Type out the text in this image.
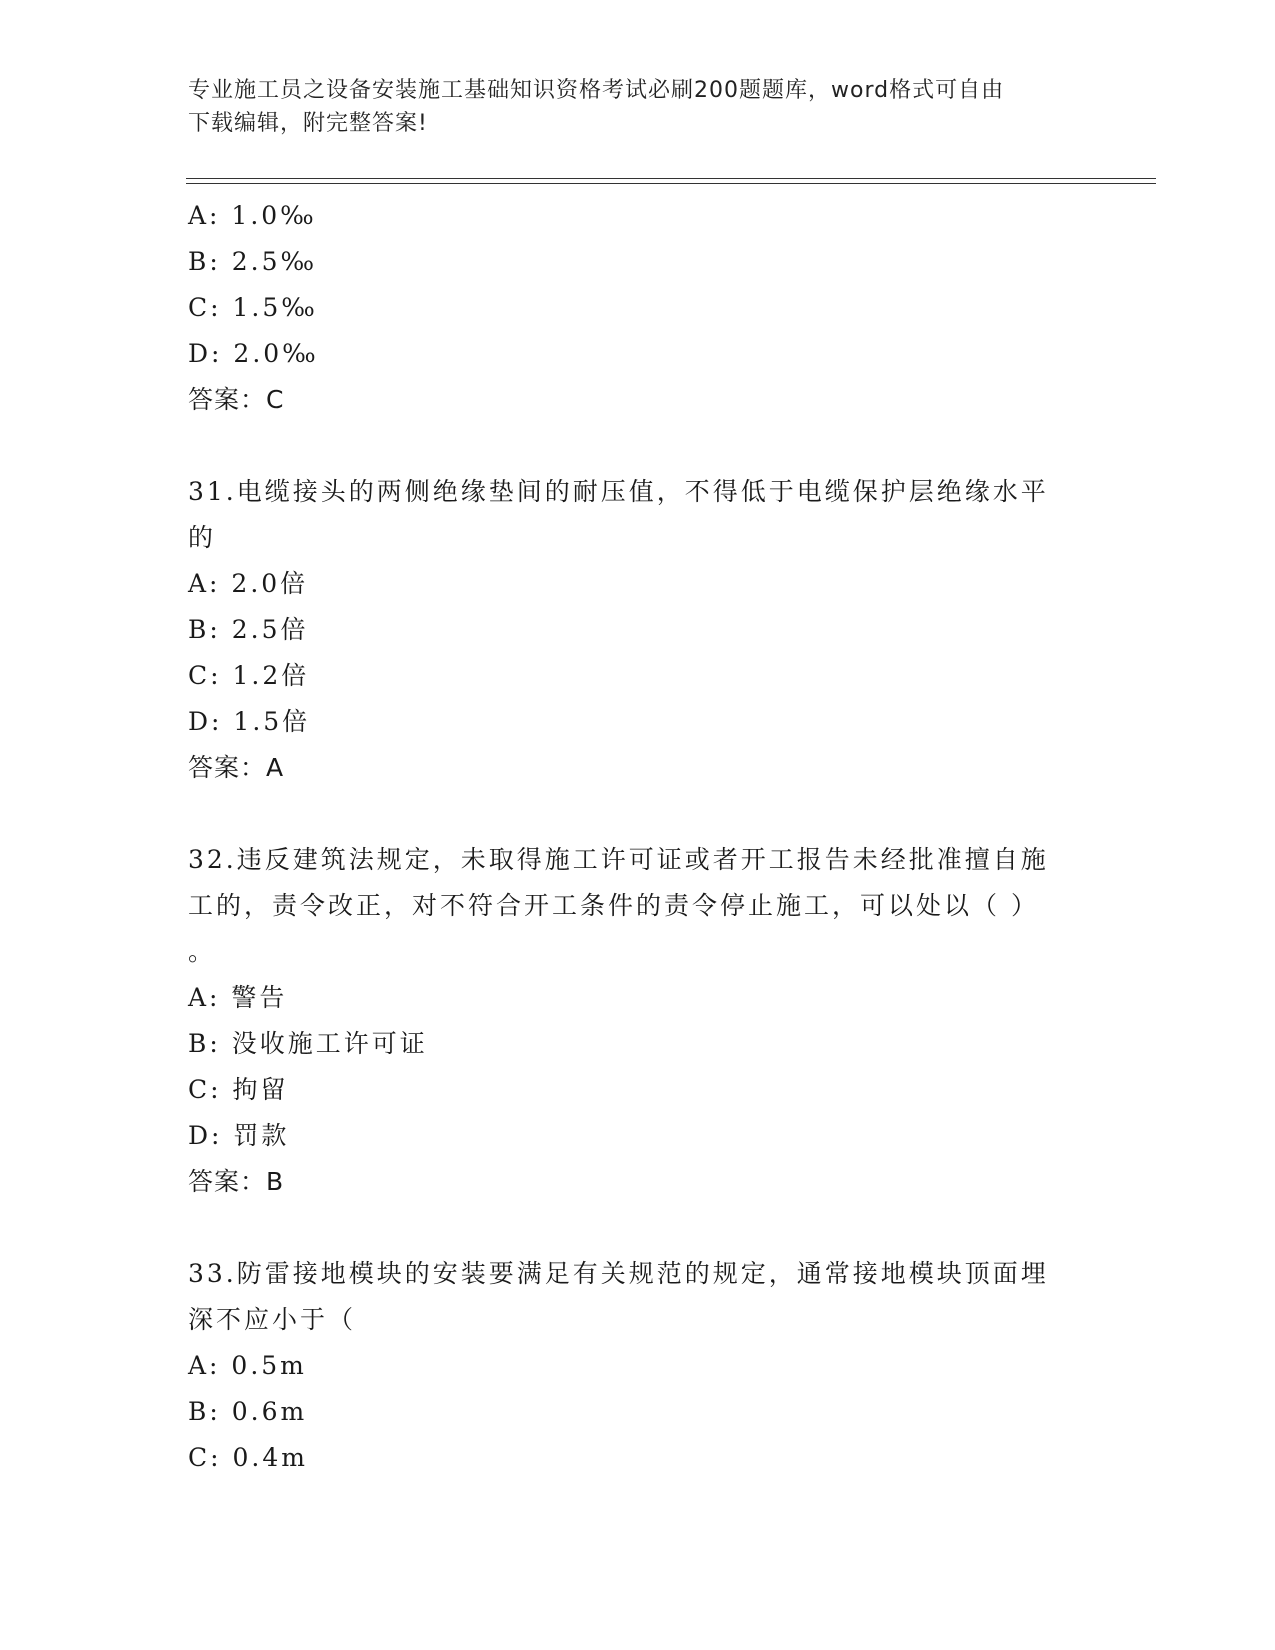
专业施工员之设备安装施工基础知识资格考试必刷200题题库，word格式可自由
下载编辑，附完整答案!
A: 1.0‰
B: 2.5‰
C: 1.5‰
D: 2.0‰
答案：C
31.电缆接头的两侧绝缘垫间的耐压值，不得低于电缆保护层绝缘水平
的
A: 2.0倍
B: 2.5倍
C: 1.2倍
D: 1.5倍
答案：A
32.违反建筑法规定，未取得施工许可证或者开工报告未经批准擅自施
工的，责令改正，对不符合开工条件的责令停止施工，可以处以（ ）
。
A: 警告
B: 没收施工许可证
C: 拘留
D: 罚款
答案：B
33.防雷接地模块的安装要满足有关规范的规定，通常接地模块顶面埋
深不应小于（
A: 0.5m
B: 0.6m
C: 0.4m
